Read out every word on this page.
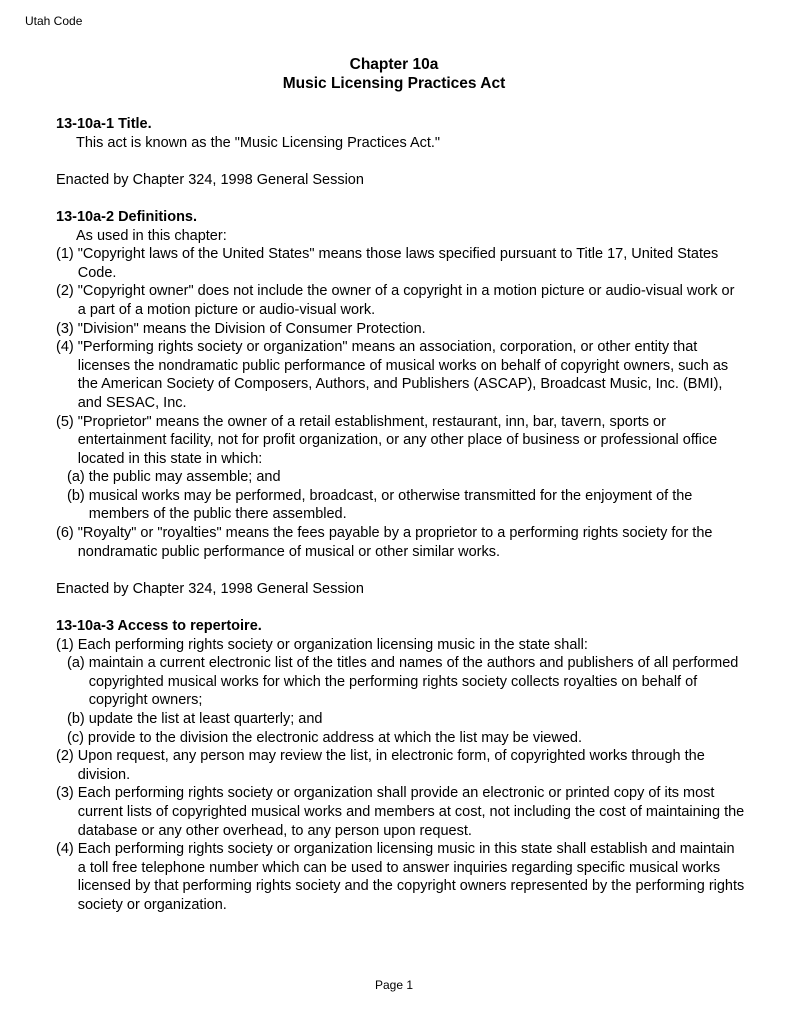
Utah Code
Chapter 10a
Music Licensing Practices Act
13-10a-1 Title.
This act is known as the "Music Licensing Practices Act."
Enacted by Chapter 324, 1998 General Session
13-10a-2 Definitions.
As used in this chapter:
(1) "Copyright laws of the United States" means those laws specified pursuant to Title 17, United States Code.
(2) "Copyright owner" does not include the owner of a copyright in a motion picture or audio-visual work or a part of a motion picture or audio-visual work.
(3) "Division" means the Division of Consumer Protection.
(4) "Performing rights society or organization" means an association, corporation, or other entity that licenses the nondramatic public performance of musical works on behalf of copyright owners, such as the American Society of Composers, Authors, and Publishers (ASCAP), Broadcast Music, Inc. (BMI), and SESAC, Inc.
(5) "Proprietor" means the owner of a retail establishment, restaurant, inn, bar, tavern, sports or entertainment facility, not for profit organization, or any other place of business or professional office located in this state in which:
(a) the public may assemble; and
(b) musical works may be performed, broadcast, or otherwise transmitted for the enjoyment of the members of the public there assembled.
(6) "Royalty" or "royalties" means the fees payable by a proprietor to a performing rights society for the nondramatic public performance of musical or other similar works.
Enacted by Chapter 324, 1998 General Session
13-10a-3 Access to repertoire.
(1) Each performing rights society or organization licensing music in the state shall:
(a) maintain a current electronic list of the titles and names of the authors and publishers of all performed copyrighted musical works for which the performing rights society collects royalties on behalf of copyright owners;
(b) update the list at least quarterly; and
(c) provide to the division the electronic address at which the list may be viewed.
(2) Upon request, any person may review the list, in electronic form, of copyrighted works through the division.
(3) Each performing rights society or organization shall provide an electronic or printed copy of its most current lists of copyrighted musical works and members at cost, not including the cost of maintaining the database or any other overhead, to any person upon request.
(4) Each performing rights society or organization licensing music in this state shall establish and maintain a toll free telephone number which can be used to answer inquiries regarding specific musical works licensed by that performing rights society and the copyright owners represented by the performing rights society or organization.
Page 1
